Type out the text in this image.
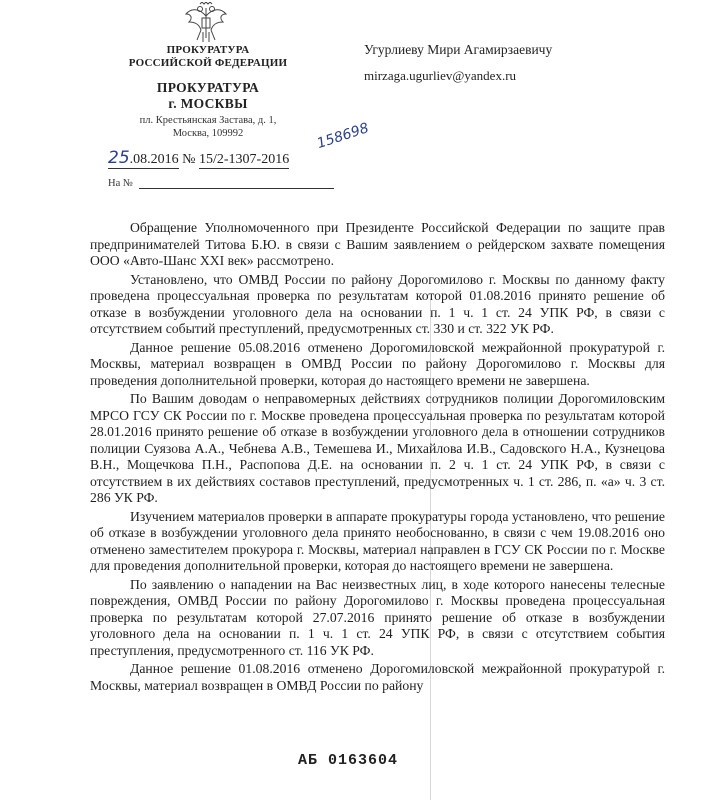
ПРОКУРАТУРА
РОССИЙСКОЙ ФЕДЕРАЦИИ
ПРОКУРАТУРА
г. МОСКВЫ
пл. Крестьянская Застава, д. 1,
Москва, 109992
Угурлиеву Мири Агамирзаевичу
mirzaga.ugurliev@yandex.ru
25.08.2016 № 15/2-1307-2016
158698
На №

Обращение Уполномоченного при Президенте Российской Федерации по защите прав предпринимателей Титова Б.Ю. в связи с Вашим заявлением о рейдерском захвате помещения ООО «Авто-Шанс XXI век» рассмотрено.

Установлено, что ОМВД России по району Дорогомилово г. Москвы по данному факту проведена процессуальная проверка по результатам которой 01.08.2016 принято решение об отказе в возбуждении уголовного дела на основании п. 1 ч. 1 ст. 24 УПК РФ, в связи с отсутствием событий преступлений, предусмотренных ст. 330 и ст. 322 УК РФ.

Данное решение 05.08.2016 отменено Дорогомиловской межрайонной прокуратурой г. Москвы, материал возвращен в ОМВД России по району Дорогомилово г. Москвы для проведения дополнительной проверки, которая до настоящего времени не завершена.

По Вашим доводам о неправомерных действиях сотрудников полиции Дорогомиловским МРСО ГСУ СК России по г. Москве проведена процессуальная проверка по результатам которой 28.01.2016 принято решение об отказе в возбуждении уголовного дела в отношении сотрудников полиции Суязова А.А., Чебнева А.В., Темешева И., Михайлова И.В., Садовского Н.А., Кузнецова В.Н., Мощечкова П.Н., Распопова Д.Е. на основании п. 2 ч. 1 ст. 24 УПК РФ, в связи с отсутствием в их действиях составов преступлений, предусмотренных ч. 1 ст. 286, п. «а» ч. 3 ст. 286 УК РФ.

Изучением материалов проверки в аппарате прокуратуры города установлено, что решение об отказе в возбуждении уголовного дела принято необоснованно, в связи с чем 19.08.2016 оно отменено заместителем прокурора г. Москвы, материал направлен в ГСУ СК России по г. Москве для проведения дополнительной проверки, которая до настоящего времени не завершена.

По заявлению о нападении на Вас неизвестных лиц, в ходе которого нанесены телесные повреждения, ОМВД России по району Дорогомилово г. Москвы проведена процессуальная проверка по результатам которой 27.07.2016 принято решение об отказе в возбуждении уголовного дела на основании п. 1 ч. 1 ст. 24 УПК РФ, в связи с отсутствием события преступления, предусмотренного ст. 116 УК РФ.

Данное решение 01.08.2016 отменено Дорогомиловской межрайонной прокуратурой г. Москвы, материал возвращен в ОМВД России по району

АБ 0163604
